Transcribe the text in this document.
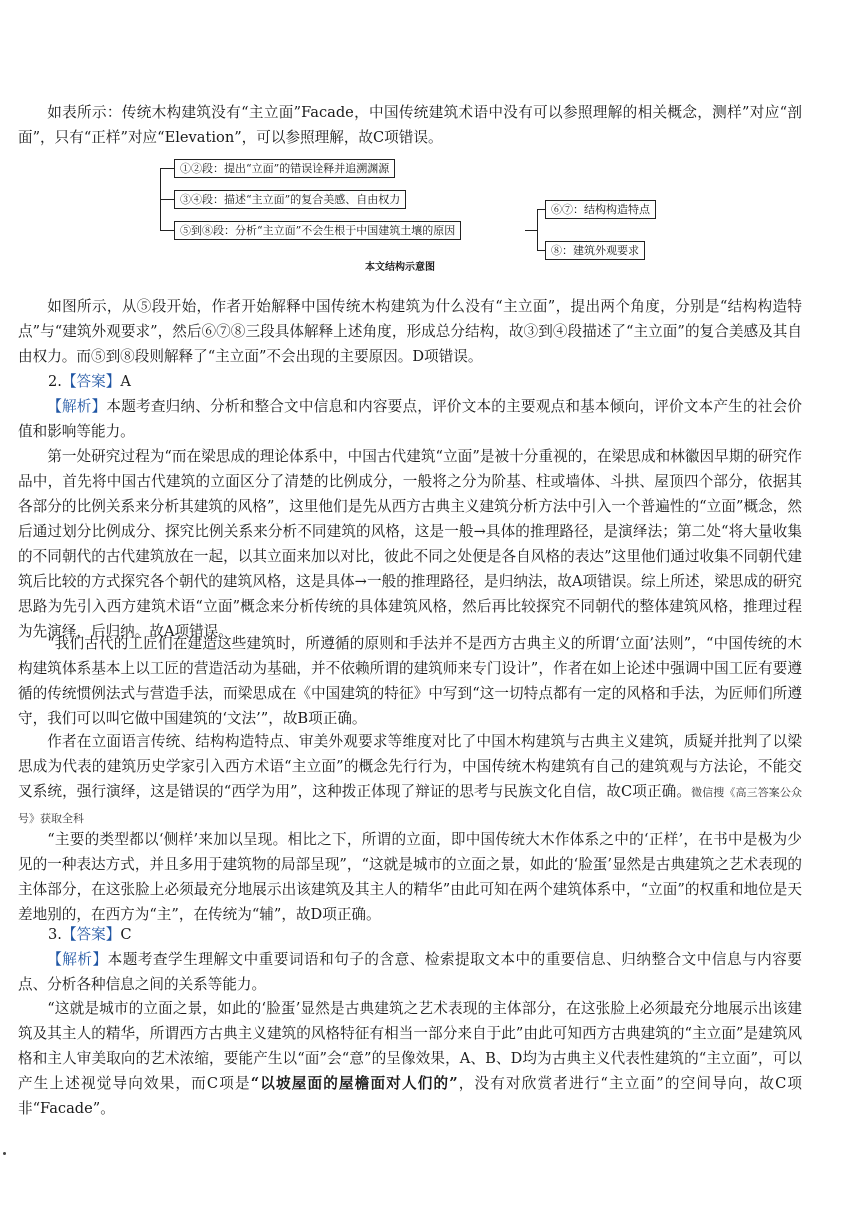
如表所示：传统木构建筑没有“主立面”Facade，中国传统建筑术语中没有可以参照理解的相关概念，测样”对应“剖面”，只有“正样”对应“Elevation”，可以参照理解，故C项错误。

①②段：提出“立面”的错误诠释并追溯渊源
③④段：描述“主立面”的复合美感、自由权力
⑤到⑧段：分析“主立面”不会生根于中国建筑土壤的原因
⑥⑦：结构构造特点
⑧：建筑外观要求
本文结构示意图

如图所示，从⑤段开始，作者开始解释中国传统木构建筑为什么没有“主立面”，提出两个角度，分别是“结构构造特点”与“建筑外观要求”，然后⑥⑦⑧三段具体解释上述角度，形成总分结构，故③到④段描述了“主立面”的复合美感及其自由权力。而⑤到⑧段则解释了“主立面”不会出现的主要原因。D项错误。

2.【答案】A

【解析】本题考查归纳、分析和整合文中信息和内容要点，评价文本的主要观点和基本倾向，评价文本产生的社会价值和影响等能力。

第一处研究过程为“而在梁思成的理论体系中，中国古代建筑“立面”是被十分重视的，在梁思成和林徽因早期的研究作品中，首先将中国古代建筑的立面区分了清楚的比例成分，一般将之分为阶基、柱或墙体、斗拱、屋顶四个部分，依据其各部分的比例关系来分析其建筑的风格”，这里他们是先从西方古典主义建筑分析方法中引入一个普遍性的“立面”概念，然后通过划分比例成分、探究比例关系来分析不同建筑的风格，这是一般→具体的推理路径，是演绎法；第二处“将大量收集的不同朝代的古代建筑放在一起，以其立面来加以对比，彼此不同之处便是各自风格的表达”这里他们通过收集不同朝代建筑后比较的方式探究各个朝代的建筑风格，这是具体→一般的推理路径，是归纳法，故A项错误。综上所述，梁思成的研究思路为先引入西方建筑术语“立面”概念来分析传统的具体建筑风格，然后再比较探究不同朝代的整体建筑风格，推理过程为先演绎，后归纳。故A项错误。

“我们古代的工匠们在建造这些建筑时，所遵循的原则和手法并不是西方古典主义的所谓‘立面’法则”，“中国传统的木构建筑体系基本上以工匠的营造活动为基础，并不依赖所谓的建筑师来专门设计”，作者在如上论述中强调中国工匠有要遵循的传统惯例法式与营造手法，而梁思成在《中国建筑的特征》中写到“这一切特点都有一定的风格和手法，为匠师们所遵守，我们可以叫它做中国建筑的‘文法’”，故B项正确。

作者在立面语言传统、结构构造特点、审美外观要求等维度对比了中国木构建筑与古典主义建筑，质疑并批判了以梁思成为代表的建筑历史学家引入西方术语“主立面”的概念先行行为，中国传统木构建筑有自己的建筑观与方法论，不能交叉系统，强行演绎，这是错误的“西学为用”，这种拨正体现了辩证的思考与民族文化自信，故C项正确。微信搜《高三答案公众号》获取全科

“主要的类型都以‘侧样’来加以呈现。相比之下，所谓的立面，即中国传统大木作体系之中的‘正样’，在书中是极为少见的一种表达方式，并且多用于建筑物的局部呈现”，“这就是城市的立面之景，如此的‘脸蛋’显然是古典建筑之艺术表现的主体部分，在这张脸上必须最充分地展示出该建筑及其主人的精华”由此可知在两个建筑体系中，“立面”的权重和地位是天差地别的，在西方为“主”，在传统为“辅”，故D项正确。

3.【答案】C

【解析】本题考查学生理解文中重要词语和句子的含意、检索提取文本中的重要信息、归纳整合文中信息与内容要点、分析各种信息之间的关系等能力。

“这就是城市的立面之景，如此的‘脸蛋’显然是古典建筑之艺术表现的主体部分，在这张脸上必须最充分地展示出该建筑及其主人的精华，所谓西方古典主义建筑的风格特征有相当一部分来自于此”由此可知西方古典建筑的“主立面”是建筑风格和主人审美取向的艺术浓缩，要能产生以“面”会“意”的呈像效果，A、B、D均为古典主义代表性建筑的“主立面”，可以产生上述视觉导向效果，而C项是“以坡屋面的屋檐面对人们的”，没有对欣赏者进行“主立面”的空间导向，故C项非“Facade”。
